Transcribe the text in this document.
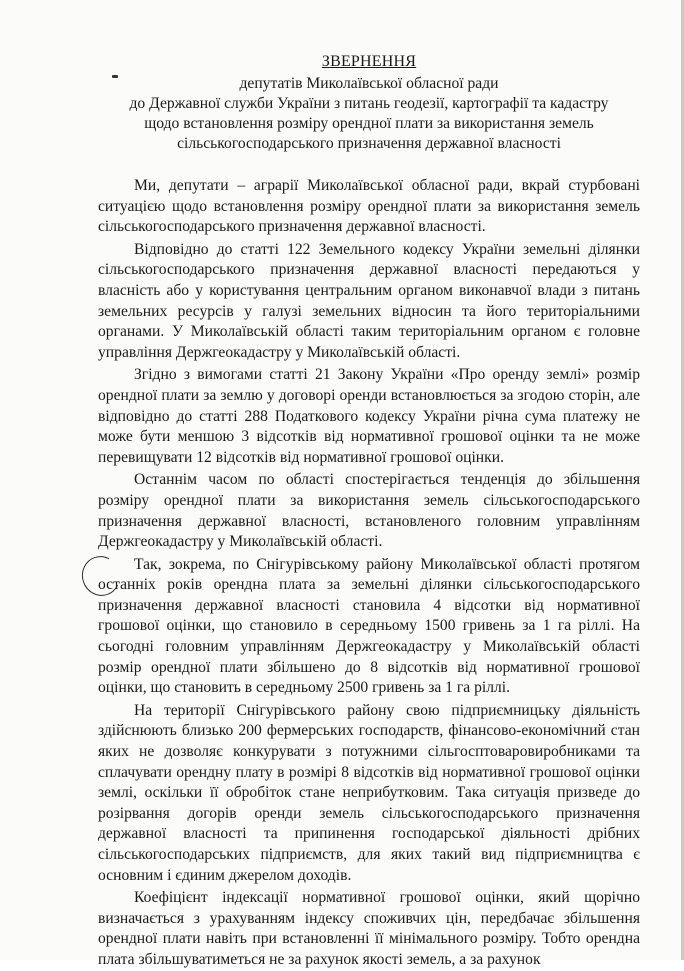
ЗВЕРНЕННЯ
депутатів Миколаївської обласної ради
до Державної служби України з питань геодезії, картографії та кадастру
щодо встановлення розміру орендної плати за використання земель
сільськогосподарського призначення державної власності

Ми, депутати – аграрії Миколаївської обласної ради, вкрай стурбовані ситуацією щодо встановлення розміру орендної плати за використання земель сільськогосподарського призначення державної власності.

Відповідно до статті 122 Земельного кодексу України земельні ділянки сільськогосподарського призначення державної власності передаються у власність або у користування центральним органом виконавчої влади з питань земельних ресурсів у галузі земельних відносин та його територіальними органами. У Миколаївській області таким територіальним органом є головне управління Держгеокадастру у Миколаївській області.

Згідно з вимогами статті 21 Закону України «Про оренду землі» розмір орендної плати за землю у договорі оренди встановлюється за згодою сторін, але відповідно до статті 288 Податкового кодексу України річна сума платежу не може бути меншою 3 відсотків від нормативної грошової оцінки та не може перевищувати 12 відсотків від нормативної грошової оцінки.

Останнім часом по області спостерігається тенденція до збільшення розміру орендної плати за використання земель сільськогосподарського призначення державної власності, встановленого головним управлінням Держгеокадастру у Миколаївській області.

Так, зокрема, по Снігурівському району Миколаївської області протягом останніх років орендна плата за земельні ділянки сільськогосподарського призначення державної власності становила 4 відсотки від нормативної грошової оцінки, що становило в середньому 1500 гривень за 1 га ріллі. На сьогодні головним управлінням Держгеокадастру у Миколаївській області розмір орендної плати збільшено до 8 відсотків від нормативної грошової оцінки, що становить в середньому 2500 гривень за 1 га ріллі.

На території Снігурівського району свою підприємницьку діяльність здійснюють близько 200 фермерських господарств, фінансово-економічний стан яких не дозволяє конкурувати з потужними сільгосптоваровиробниками та сплачувати орендну плату в розмірі 8 відсотків від нормативної грошової оцінки землі, оскільки її обробіток стане неприбутковим. Така ситуація призведе до розірвання догорів оренди земель сільськогосподарського призначення державної власності та припинення господарської діяльності дрібних сільськогосподарських підприємств, для яких такий вид підприємництва є основним і єдиним джерелом доходів.

Коефіцієнт індексації нормативної грошової оцінки, який щорічно визначається з урахуванням індексу споживчих цін, передбачає збільшення орендної плати навіть при встановленні її мінімального розміру. Тобто орендна плата збільшуватиметься не за рахунок якості земель, а за рахунок
